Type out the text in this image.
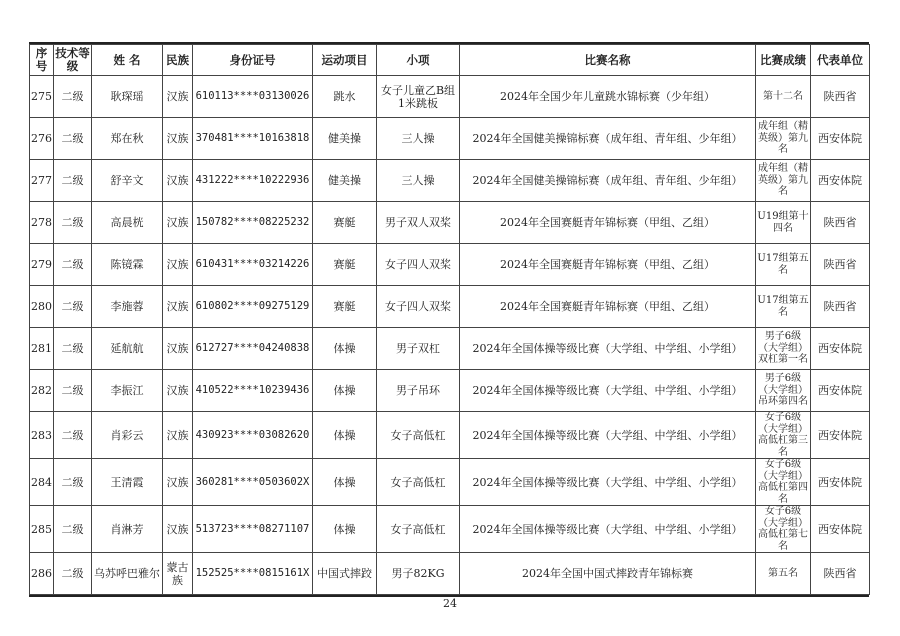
序号	技术等级	姓 名	民族	身份证号	运动项目	小项	比赛名称	比赛成绩	代表单位
275	二级	耿琛瑶	汉族	610113****03130026	跳水	女子儿童乙B组1米跳板	2024年全国少年儿童跳水锦标赛（少年组）	第十二名	陕西省
276	二级	郑在秋	汉族	370481****10163818	健美操	三人操	2024年全国健美操锦标赛（成年组、青年组、少年组）	成年组（精英级）第九名	西安体院
277	二级	舒辛文	汉族	431222****10222936	健美操	三人操	2024年全国健美操锦标赛（成年组、青年组、少年组）	成年组（精英级）第九名	西安体院
278	二级	高晨桄	汉族	150782****08225232	赛艇	男子双人双桨	2024年全国赛艇青年锦标赛（甲组、乙组）	U19组第十四名	陕西省
279	二级	陈镜霖	汉族	610431****03214226	赛艇	女子四人双桨	2024年全国赛艇青年锦标赛（甲组、乙组）	U17组第五名	陕西省
280	二级	李施蓉	汉族	610802****09275129	赛艇	女子四人双桨	2024年全国赛艇青年锦标赛（甲组、乙组）	U17组第五名	陕西省
281	二级	延航航	汉族	612727****04240838	体操	男子双杠	2024年全国体操等级比赛（大学组、中学组、小学组）	男子6级（大学组）双杠第一名	西安体院
282	二级	李振江	汉族	410522****10239436	体操	男子吊环	2024年全国体操等级比赛（大学组、中学组、小学组）	男子6级（大学组）吊环第四名	西安体院
283	二级	肖彩云	汉族	430923****03082620	体操	女子高低杠	2024年全国体操等级比赛（大学组、中学组、小学组）	女子6级（大学组）高低杠第三名	西安体院
284	二级	王清霞	汉族	360281****0503602X	体操	女子高低杠	2024年全国体操等级比赛（大学组、中学组、小学组）	女子6级（大学组）高低杠第四名	西安体院
285	二级	肖淋芳	汉族	513723****08271107	体操	女子高低杠	2024年全国体操等级比赛（大学组、中学组、小学组）	女子6级（大学组）高低杠第七名	西安体院
286	二级	乌苏呼巴雅尔	蒙古族	152525****0815161X	中国式摔跤	男子82KG	2024年全国中国式摔跤青年锦标赛	第五名	陕西省
24
